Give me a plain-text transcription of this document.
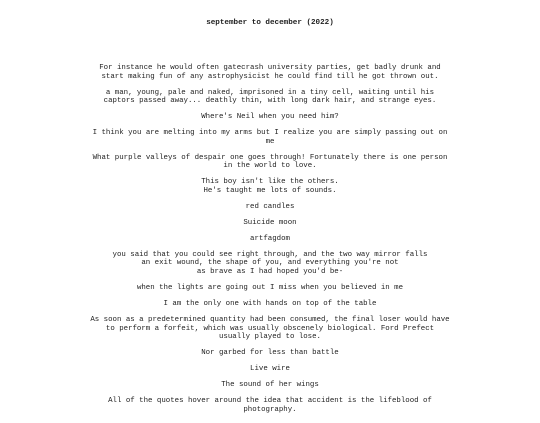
september to december (2022)

For instance he would often gatecrash university parties, get badly drunk and start making fun of any astrophysicist he could find till he got thrown out.

a man, young, pale and naked, imprisoned in a tiny cell, waiting until his captors passed away... deathly thin, with long dark hair, and strange eyes.

Where's Neil when you need him?

I think you are melting into my arms but I realize you are simply passing out on me

What purple valleys of despair one goes through! Fortunately there is one person in the world to love.

This boy isn't like the others.
He's taught me lots of sounds.

red candles

Suicide moon

artfagdom

you said that you could see right through, and the two way mirror falls
an exit wound, the shape of you, and everything you're not
as brave as I had hoped you'd be-

when the lights are going out I miss when you believed in me

I am the only one with hands on top of the table

As soon as a predetermined quantity had been consumed, the final loser would have to perform a forfeit, which was usually obscenely biological. Ford Prefect usually played to lose.

Nor garbed for less than battle

Live wire

The sound of her wings

All of the quotes hover around the idea that accident is the lifeblood of photography.
